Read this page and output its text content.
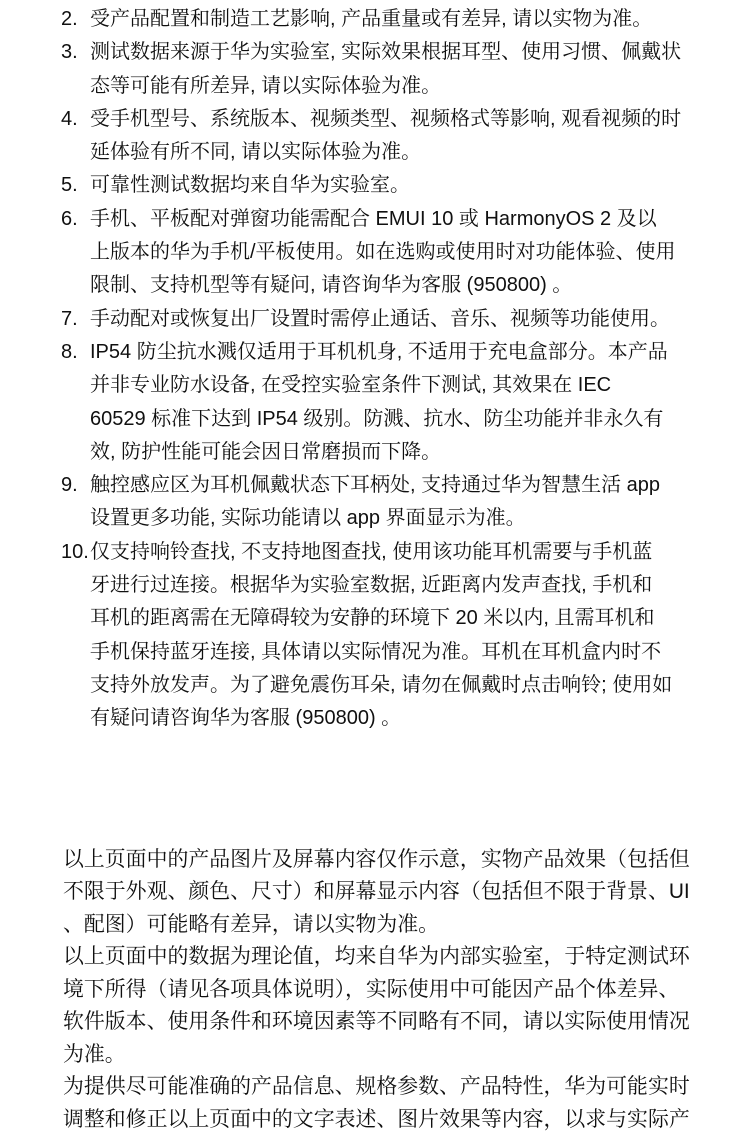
2. 受产品配置和制造工艺影响, 产品重量或有差异, 请以实物为准。
3. 测试数据来源于华为实验室, 实际效果根据耳型、使用习惯、佩戴状
态等可能有所差异, 请以实际体验为准。
4. 受手机型号、系统版本、视频类型、视频格式等影响, 观看视频的时
延体验有所不同, 请以实际体验为准。
5. 可靠性测试数据均来自华为实验室。
6. 手机、平板配对弹窗功能需配合 EMUI 10 或 HarmonyOS 2 及以
上版本的华为手机/平板使用。如在选购或使用时对功能体验、使用
限制、支持机型等有疑问, 请咨询华为客服 (950800) 。
7. 手动配对或恢复出厂设置时需停止通话、音乐、视频等功能使用。
8. IP54 防尘抗水溅仅适用于耳机机身, 不适用于充电盒部分。本产品
并非专业防水设备, 在受控实验室条件下测试, 其效果在 IEC
60529 标准下达到 IP54 级别。防溅、抗水、防尘功能并非永久有
效, 防护性能可能会因日常磨损而下降。
9. 触控感应区为耳机佩戴状态下耳柄处, 支持通过华为智慧生活 app
设置更多功能, 实际功能请以 app 界面显示为准。
10. 仅支持响铃查找, 不支持地图查找, 使用该功能耳机需要与手机蓝
牙进行过连接。根据华为实验室数据, 近距离内发声查找, 手机和
耳机的距离需在无障碍较为安静的环境下 20 米以内, 且需耳机和
手机保持蓝牙连接, 具体请以实际情况为准。耳机在耳机盒内时不
支持外放发声。为了避免震伤耳朵, 请勿在佩戴时点击响铃; 使用如
有疑问请咨询华为客服 (950800) 。
以上页面中的产品图片及屏幕内容仅作示意，实物产品效果（包括但
不限于外观、颜色、尺寸）和屏幕显示内容（包括但不限于背景、UI
、配图）可能略有差异，请以实物为准。
以上页面中的数据为理论值，均来自华为内部实验室，于特定测试环
境下所得（请见各项具体说明），实际使用中可能因产品个体差异、
软件版本、使用条件和环境因素等不同略有不同，请以实际使用情况
为准。
为提供尽可能准确的产品信息、规格参数、产品特性，华为可能实时
调整和修正以上页面中的文字表述、图片效果等内容，以求与实际产
